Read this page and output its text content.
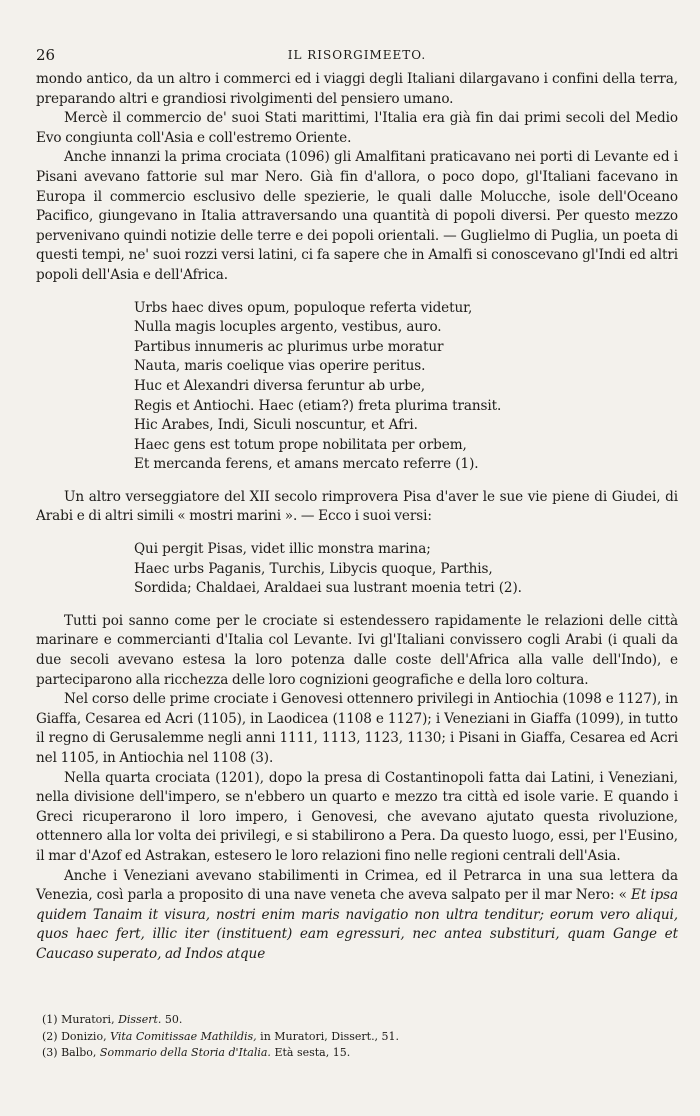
26	IL RISORGIMEETO.

mondo antico, da un altro i commerci ed i viaggi degli Italiani dilargavano i confini della terra, preparando altri e grandiosi rivolgimenti del pensiero umano.

Mercè il commercio de' suoi Stati marittimi, l'Italia era già fin dai primi secoli del Medio Evo congiunta coll'Asia e coll'estremo Oriente.

Anche innanzi la prima crociata (1096) gli Amalfitani praticavano nei porti di Levante ed i Pisani avevano fattorie sul mar Nero. Già fin d'allora, o poco dopo, gl'Italiani facevano in Europa il commercio esclusivo delle spezierie, le quali dalle Molucche, isole dell'Oceano Pacifico, giungevano in Italia attraversando una quantità di popoli diversi. Per questo mezzo pervenivano quindi notizie delle terre e dei popoli orientali. — Guglielmo di Puglia, un poeta di questi tempi, ne' suoi rozzi versi latini, ci fa sapere che in Amalfi si conoscevano gl'Indi ed altri popoli dell'Asia e dell'Africa.

Urbs haec dives opum, populoque referta videtur,
Nulla magis locuples argento, vestibus, auro.
Partibus innumeris ac plurimus urbe moratur
Nauta, maris coelique vias operire peritus.
Huc et Alexandri diversa feruntur ab urbe,
Regis et Antiochi. Haec (etiam?) freta plurima transit.
Hic Arabes, Indi, Siculi noscuntur, et Afri.
Haec gens est totum prope nobilitata per orbem,
Et mercanda ferens, et amans mercato referre (1).

Un altro verseggiatore del XII secolo rimprovera Pisa d'aver le sue vie piene di Giudei, di Arabi e di altri simili « mostri marini ». — Ecco i suoi versi:

Qui pergit Pisas, videt illic monstra marina;
Haec urbs Paganis, Turchis, Libycis quoque, Parthis,
Sordida; Chaldaei, Araldaei sua lustrant moenia tetri (2).

Tutti poi sanno come per le crociate si estendessero rapidamente le relazioni delle città marinare e commercianti d'Italia col Levante. Ivi gl'Italiani convissero cogli Arabi (i quali da due secoli avevano estesa la loro potenza dalle coste dell'Africa alla valle dell'Indo), e parteciparono alla ricchezza delle loro cognizioni geografiche e della loro coltura.

Nel corso delle prime crociate i Genovesi ottennero privilegi in Antiochia (1098 e 1127), in Giaffa, Cesarea ed Acri (1105), in Laodicea (1108 e 1127); i Veneziani in Giaffa (1099), in tutto il regno di Gerusalemme negli anni 1111, 1113, 1123, 1130; i Pisani in Giaffa, Cesarea ed Acri nel 1105, in Antiochia nel 1108 (3).

Nella quarta crociata (1201), dopo la presa di Costantinopoli fatta dai Latini, i Veneziani, nella divisione dell'impero, se n'ebbero un quarto e mezzo tra città ed isole varie. E quando i Greci ricuperarono il loro impero, i Genovesi, che avevano ajutato questa rivoluzione, ottennero alla lor volta dei privilegi, e si stabilirono a Pera. Da questo luogo, essi, per l'Eusino, il mar d'Azof ed Astrakan, estesero le loro relazioni fino nelle regioni centrali dell'Asia.

Anche i Veneziani avevano stabilimenti in Crimea, ed il Petrarca in una sua lettera da Venezia, così parla a proposito di una nave veneta che aveva salpato per il mar Nero: « Et ipsa quidem Tanaim it visura, nostri enim maris navigatio non ultra tenditur; eorum vero aliqui, quos haec fert, illic iter (instituent) eam egressuri, nec antea substituri, quam Gange et Caucaso superato, ad Indos atque

(1) Muratori, Dissert. 50.
(2) Donizio, Vita Comitissae Mathildis, in Muratori, Dissert., 51.
(3) Balbo, Sommario della Storia d'Italia. Età sesta, 15.
